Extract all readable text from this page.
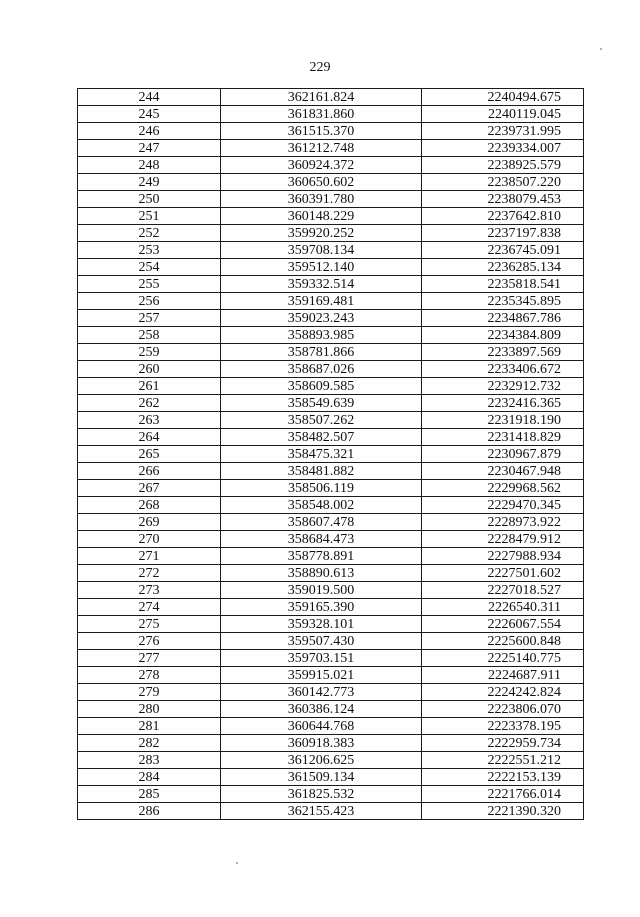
229
244	362161.824	2240494.675
245	361831.860	2240119.045
246	361515.370	2239731.995
247	361212.748	2239334.007
248	360924.372	2238925.579
249	360650.602	2238507.220
250	360391.780	2238079.453
251	360148.229	2237642.810
252	359920.252	2237197.838
253	359708.134	2236745.091
254	359512.140	2236285.134
255	359332.514	2235818.541
256	359169.481	2235345.895
257	359023.243	2234867.786
258	358893.985	2234384.809
259	358781.866	2233897.569
260	358687.026	2233406.672
261	358609.585	2232912.732
262	358549.639	2232416.365
263	358507.262	2231918.190
264	358482.507	2231418.829
265	358475.321	2230967.879
266	358481.882	2230467.948
267	358506.119	2229968.562
268	358548.002	2229470.345
269	358607.478	2228973.922
270	358684.473	2228479.912
271	358778.891	2227988.934
272	358890.613	2227501.602
273	359019.500	2227018.527
274	359165.390	2226540.311
275	359328.101	2226067.554
276	359507.430	2225600.848
277	359703.151	2225140.775
278	359915.021	2224687.911
279	360142.773	2224242.824
280	360386.124	2223806.070
281	360644.768	2223378.195
282	360918.383	2222959.734
283	361206.625	2222551.212
284	361509.134	2222153.139
285	361825.532	2221766.014
286	362155.423	2221390.320
